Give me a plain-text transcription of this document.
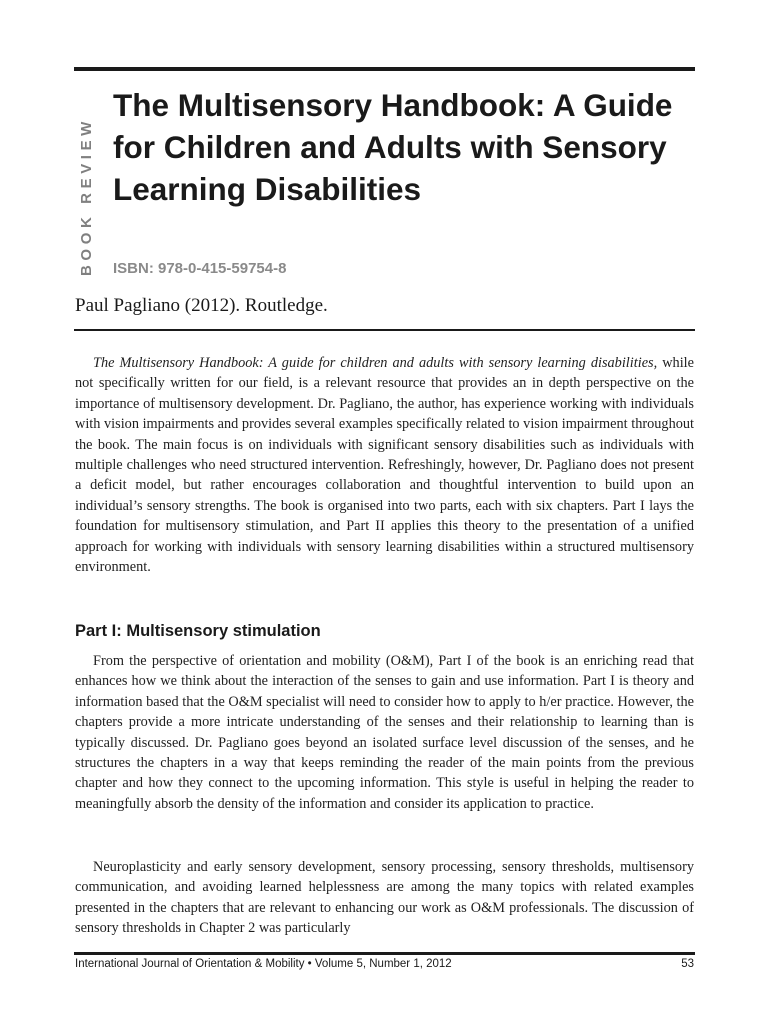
BOOK REVIEW
The Multisensory Handbook: A Guide for Children and Adults with Sensory Learning Disabilities

ISBN: 978-0-415-59754-8

Paul Pagliano (2012). Routledge.

The Multisensory Handbook: A guide for children and adults with sensory learning disabilities, while not specifically written for our field, is a relevant resource that provides an in depth perspective on the importance of multisensory development. Dr. Pagliano, the author, has experience working with individuals with vision impairments and provides several examples specifically related to vision impairment throughout the book. The main focus is on individuals with significant sensory disabilities such as individuals with multiple challenges who need structured intervention. Refreshingly, however, Dr. Pagliano does not present a deficit model, but rather encourages collaboration and thoughtful intervention to build upon an individual’s sensory strengths. The book is organised into two parts, each with six chapters. Part I lays the foundation for multisensory stimulation, and Part II applies this theory to the presentation of a unified approach for working with individuals with sensory learning disabilities within a structured multisensory environment.

Part I: Multisensory stimulation

From the perspective of orientation and mobility (O&M), Part I of the book is an enriching read that enhances how we think about the interaction of the senses to gain and use information. Part I is theory and information based that the O&M specialist will need to consider how to apply to h/er practice. However, the chapters provide a more intricate understanding of the senses and their relationship to learning than is typically discussed. Dr. Pagliano goes beyond an isolated surface level discussion of the senses, and he structures the chapters in a way that keeps reminding the reader of the main points from the previous chapter and how they connect to the upcoming information. This style is useful in helping the reader to meaningfully absorb the density of the information and consider its application to practice.

Neuroplasticity and early sensory development, sensory processing, sensory thresholds, multisensory communication, and avoiding learned helplessness are among the many topics with related examples presented in the chapters that are relevant to enhancing our work as O&M professionals. The discussion of sensory thresholds in Chapter 2 was particularly

International Journal of Orientation & Mobility • Volume 5, Number 1, 2012	53
